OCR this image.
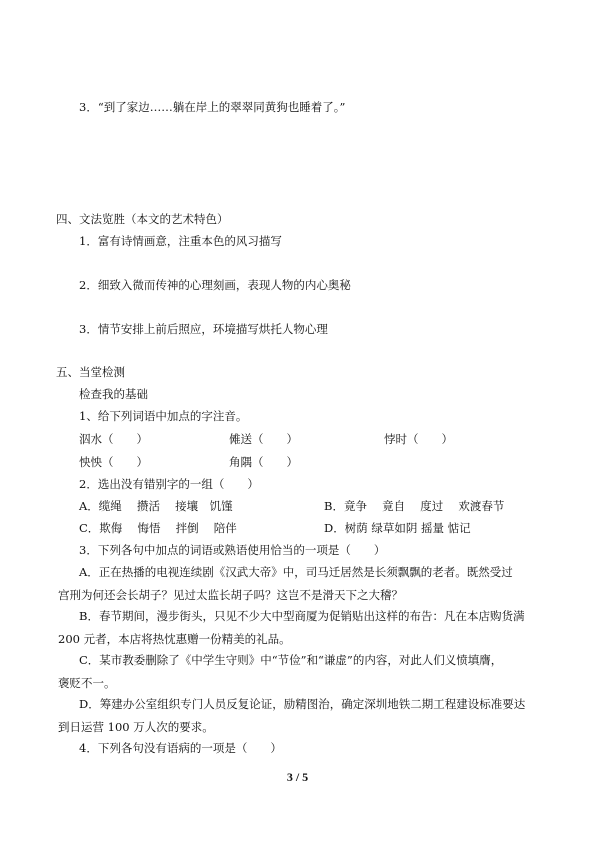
3．“到了家边……躺在岸上的翠翠同黄狗也睡着了。”
四、文法览胜（本文的艺术特色）
1．富有诗情画意，注重本色的风习描写
2．细致入微而传神的心理刻画，表现人物的内心奥秘
3．情节安排上前后照应，环境描写烘托人物心理
五、当堂检测
检查我的基础
1、给下列词语中加点的字注音。
泅水（　　）	傩送（　　）	悖时（　　）
怏怏（　　）	角隅（　　）
2．选出没有错别字的一组（　　）
A．缆绳　 攒活　 接壤　饥馑	B．竟争　 竟自　 度过　 欢渡春节
C．欺侮　 悔悟　 拌倒　 陪伴	D．树荫 绿草如阴 摇量 惦记
3．下列各句中加点的词语或熟语使用恰当的一项是（　　）
A．正在热播的电视连续剧《汉武大帝》中，司马迁居然是长须飘飘的老者。既然受过
宫刑为何还会长胡子？见过太监长胡子吗？这岂不是滑天下之大稽？
B．春节期间，漫步街头，只见不少大中型商厦为促销贴出这样的布告：凡在本店购货满
200 元者，本店将热忱惠赠一份精美的礼品。
C．某市教委删除了《中学生守则》中“节俭”和“谦虚”的内容，对此人们义愤填膺，
褒贬不一。
D．筹建办公室组织专门人员反复论证，励精图治，确定深圳地铁二期工程建设标准要达
到日运营 100 万人次的要求。
4．下列各句没有语病的一项是（　　）
3 / 5
